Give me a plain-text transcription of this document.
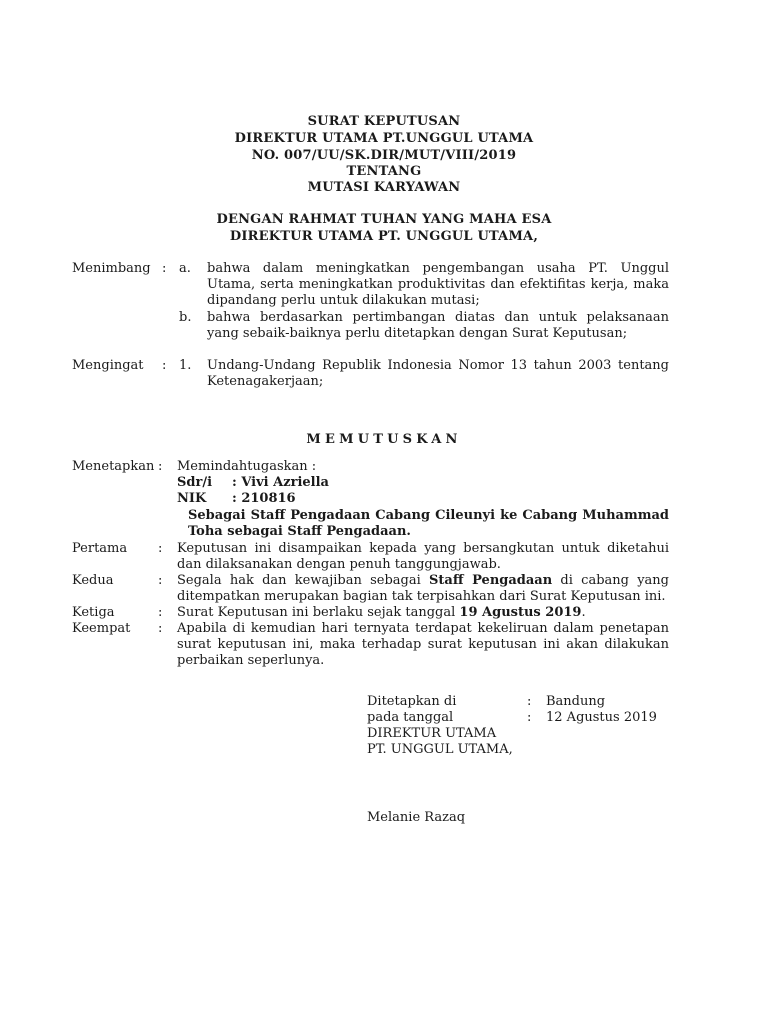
SURAT KEPUTUSAN
DIREKTUR UTAMA PT.UNGGUL UTAMA
NO. 007/UU/SK.DIR/MUT/VIII/2019
TENTANG
MUTASI KARYAWAN
DENGAN RAHMAT TUHAN YANG MAHA ESA
DIREKTUR UTAMA PT. UNGGUL UTAMA,
Menimbang : a. bahwa dalam meningkatkan pengembangan usaha PT. Unggul Utama, serta meningkatkan produktivitas dan efektifitas kerja, maka dipandang perlu untuk dilakukan mutasi;
b. bahwa berdasarkan pertimbangan diatas dan untuk pelaksanaan yang sebaik-baiknya perlu ditetapkan dengan Surat Keputusan;
Mengingat : 1. Undang-Undang Republik Indonesia Nomor 13 tahun 2003 tentang Ketenagakerjaan;
MEMUTUSKAN
Menetapkan : Memindahtugaskan :
Sdr/i : Vivi Azriella
NIK : 210816
Sebagai Staff Pengadaan Cabang Cileunyi ke Cabang Muhammad Toha sebagai Staff Pengadaan.
Pertama : Keputusan ini disampaikan kepada yang bersangkutan untuk diketahui dan dilaksanakan dengan penuh tanggungjawab.
Kedua	: Segala hak dan kewajiban sebagai Staff Pengadaan di cabang yang ditempatkan merupakan bagian tak terpisahkan dari Surat Keputusan ini.
Ketiga	: Surat Keputusan ini berlaku sejak tanggal 19 Agustus 2019.
Keempat : Apabila di kemudian hari ternyata terdapat kekeliruan dalam penetapan surat keputusan ini, maka terhadap surat keputusan ini akan dilakukan perbaikan seperlunya.
Ditetapkan di	: Bandung
pada tanggal	: 12 Agustus 2019
DIREKTUR UTAMA
PT. UNGGUL UTAMA,
Melanie Razaq
